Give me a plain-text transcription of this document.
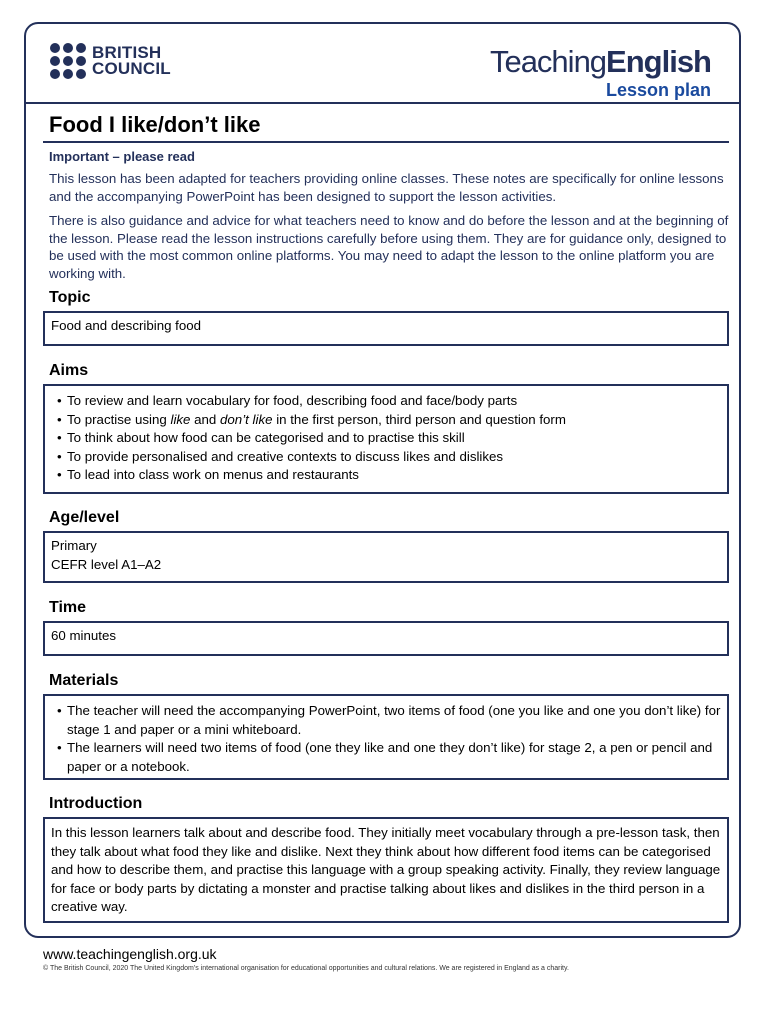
BRITISH
COUNCIL	TeachingEnglish
Lesson plan
Food I like/don’t like
Important – please read

This lesson has been adapted for teachers providing online classes. These notes are specifically for online lessons and the accompanying PowerPoint has been designed to support the lesson activities.

There is also guidance and advice for what teachers need to know and do before the lesson and at the beginning of the lesson. Please read the lesson instructions carefully before using them. They are for guidance only, designed to be used with the most common online platforms. You may need to adapt the lesson to the online platform you are working with.

Topic
Food and describing food
Aims
• To review and learn vocabulary for food, describing food and face/body parts
• To practise using like and don’t like in the first person, third person and question form
• To think about how food can be categorised and to practise this skill
• To provide personalised and creative contexts to discuss likes and dislikes
• To lead into class work on menus and restaurants
Age/level
Primary
CEFR level A1–A2
Time
60 minutes
Materials
• The teacher will need the accompanying PowerPoint, two items of food (one you like and one you don’t like) for stage 1 and paper or a mini whiteboard.
• The learners will need two items of food (one they like and one they don’t like) for stage 2, a pen or pencil and paper or a notebook.
Introduction
In this lesson learners talk about and describe food. They initially meet vocabulary through a pre-lesson task, then they talk about what food they like and dislike. Next they think about how different food items can be categorised and how to describe them, and practise this language with a group speaking activity. Finally, they review language for face or body parts by dictating a monster and practise talking about likes and dislikes in the third person in a creative way.
www.teachingenglish.org.uk
© The British Council, 2020 The United Kingdom’s international organisation for educational opportunities and cultural relations. We are registered in England as a charity.
